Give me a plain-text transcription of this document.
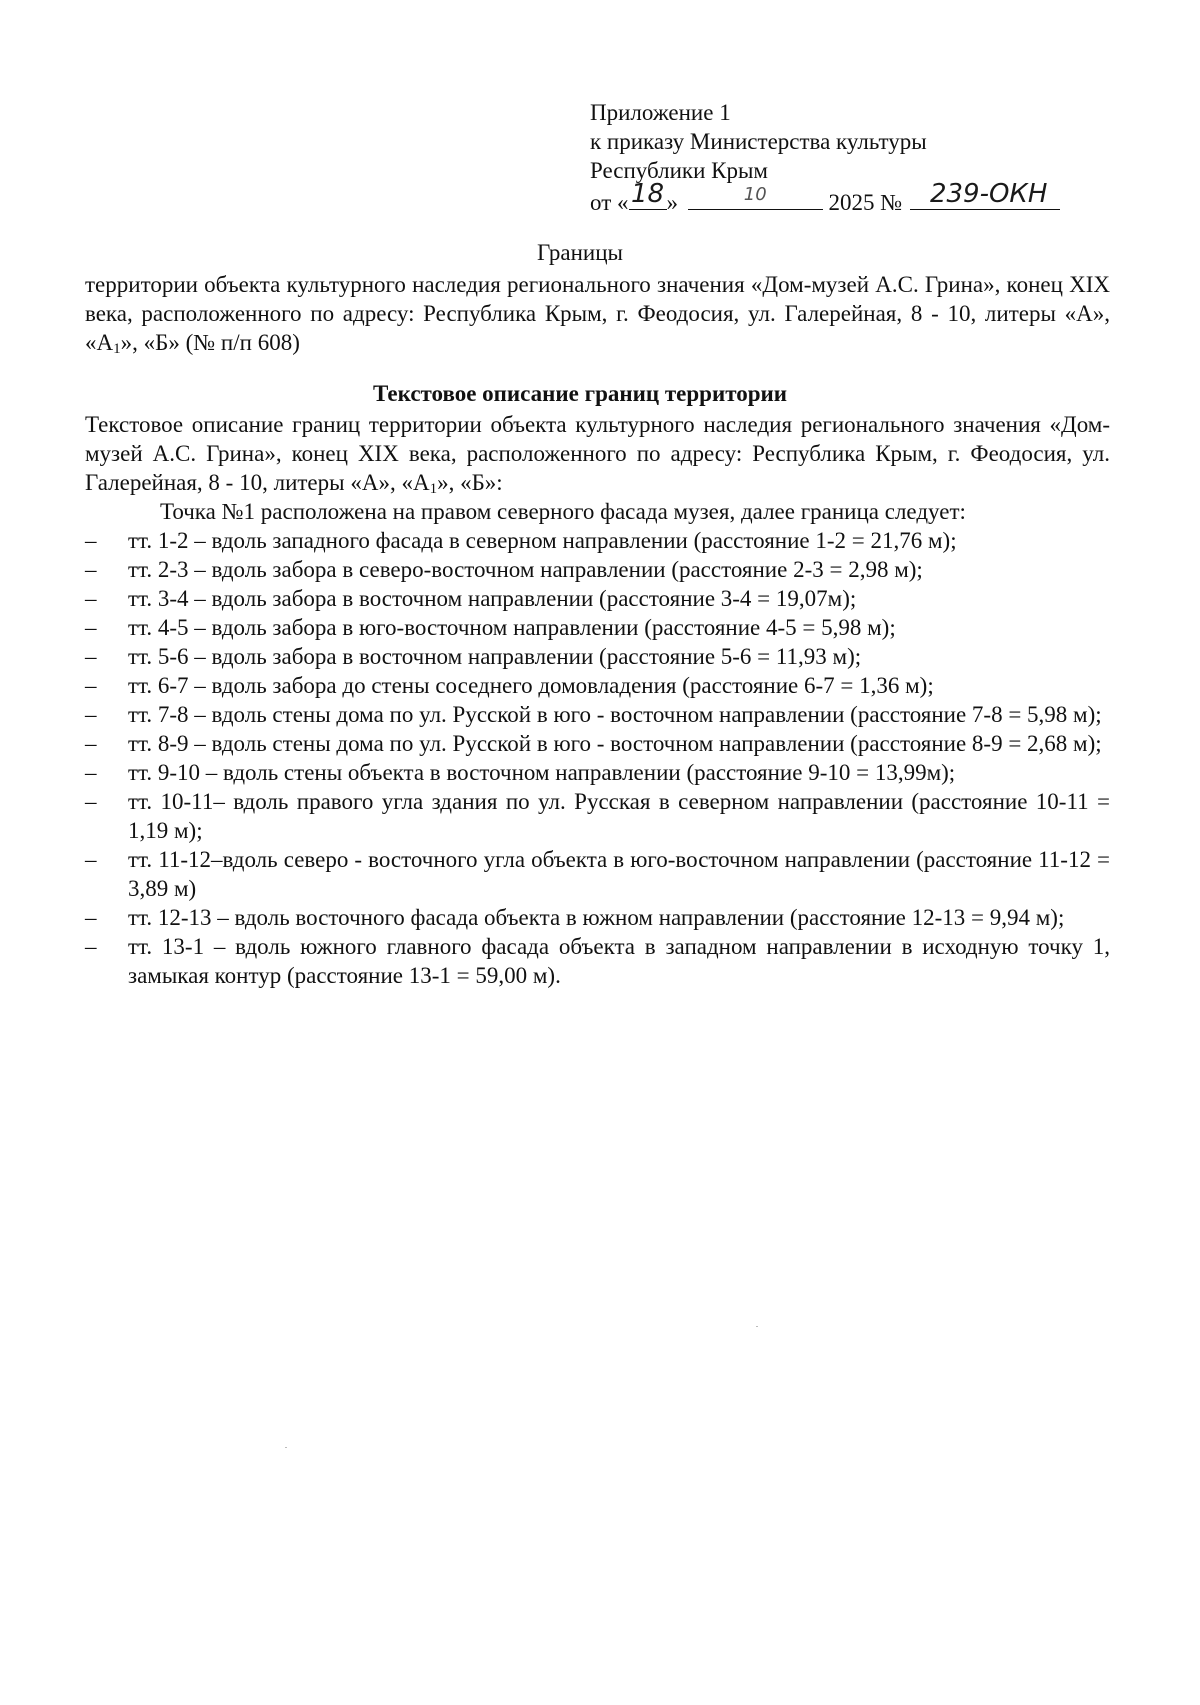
Приложение 1
к приказу Министерства культуры
Республики Крым
от « 18 »	10	2025 № 239-ОКН
Границы
территории объекта культурного наследия регионального значения «Дом-музей А.С. Грина», конец XIX века, расположенного по адресу: Республика Крым, г. Феодосия, ул. Галерейная, 8 - 10, литеры «А», «$А_1$», «Б» (№ п/п 608)
Текстовое описание границ территории
Текстовое описание границ территории объекта культурного наследия регионального значения «Дом-музей А.С. Грина», конец XIX века, расположенного по адресу: Республика Крым, г. Феодосия, ул. Галерейная, 8 - 10, литеры «А», «$А_1$», «Б»:
Точка №1 расположена на правом северного фасада музея, далее граница следует:
– тт. 1-2 – вдоль западного фасада в северном направлении (расстояние 1-2 = 21,76 м);
– тт. 2-3 – вдоль забора в северо-восточном направлении (расстояние 2-3 = 2,98 м);
– тт. 3-4 – вдоль забора в восточном направлении (расстояние 3-4 = 19,07м);
– тт. 4-5 – вдоль забора в юго-восточном направлении (расстояние 4-5 = 5,98 м);
– тт. 5-6 – вдоль забора в восточном направлении (расстояние 5-6 = 11,93 м);
– тт. 6-7 – вдоль забора до стены соседнего домовладения (расстояние 6-7 = 1,36 м);
– тт. 7-8 – вдоль стены дома по ул. Русской в юго - восточном направлении (расстояние 7-8 = 5,98 м);
– тт. 8-9 – вдоль стены дома по ул. Русской в юго - восточном направлении (расстояние 8-9 = 2,68 м);
– тт. 9-10 – вдоль стены объекта в восточном направлении (расстояние 9-10 = 13,99м);
– тт. 10-11– вдоль правого угла здания по ул. Русская в северном направлении (расстояние 10-11 = 1,19 м);
– тт. 11-12–вдоль северо - восточного угла объекта в юго-восточном направлении (расстояние 11-12 = 3,89 м)
– тт. 12-13 – вдоль восточного фасада объекта в южном направлении (расстояние 12-13 = 9,94 м);
– тт. 13-1 – вдоль южного главного фасада объекта в западном направлении в исходную точку 1, замыкая контур (расстояние 13-1 = 59,00 м).
